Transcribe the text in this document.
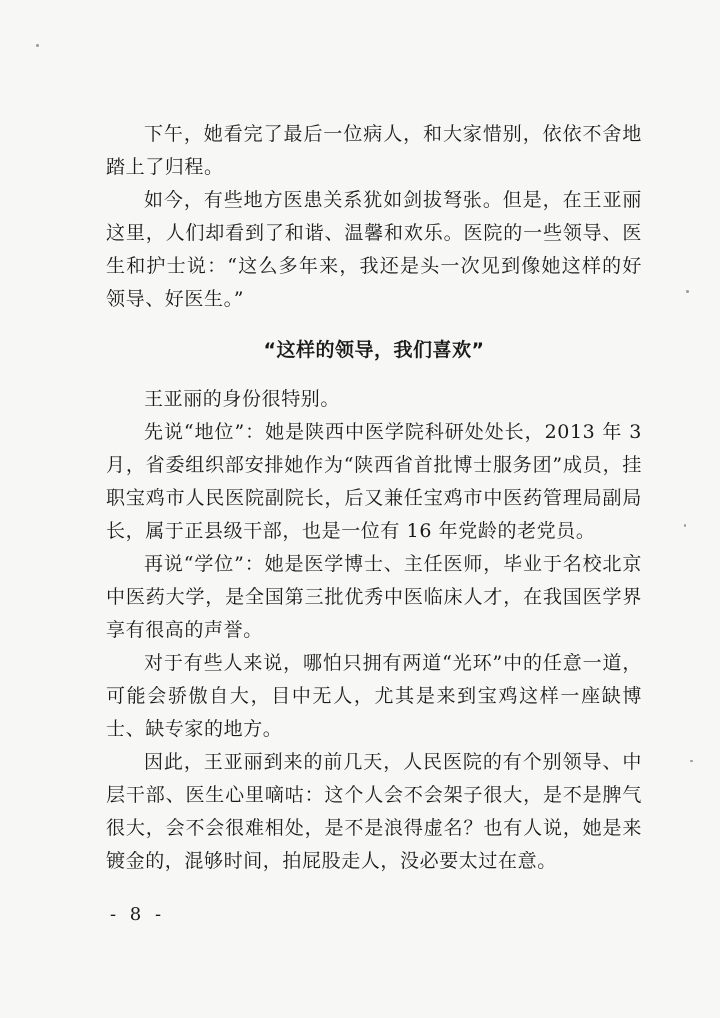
下午，她看完了最后一位病人，和大家惜别，依依不舍地踏上了归程。

如今，有些地方医患关系犹如剑拔弩张。但是，在王亚丽这里，人们却看到了和谐、温馨和欢乐。医院的一些领导、医生和护士说：“这么多年来，我还是头一次见到像她这样的好领导、好医生。”

“这样的领导，我们喜欢”

王亚丽的身份很特别。

先说“地位”：她是陕西中医学院科研处处长，2013 年 3 月，省委组织部安排她作为“陕西省首批博士服务团”成员，挂职宝鸡市人民医院副院长，后又兼任宝鸡市中医药管理局副局长，属于正县级干部，也是一位有 16 年党龄的老党员。

再说“学位”：她是医学博士、主任医师，毕业于名校北京中医药大学，是全国第三批优秀中医临床人才，在我国医学界享有很高的声誉。

对于有些人来说，哪怕只拥有两道“光环”中的任意一道，可能会骄傲自大，目中无人，尤其是来到宝鸡这样一座缺博士、缺专家的地方。

因此，王亚丽到来的前几天，人民医院的有个别领导、中层干部、医生心里嘀咕：这个人会不会架子很大，是不是脾气很大，会不会很难相处，是不是浪得虚名？也有人说，她是来镀金的，混够时间，拍屁股走人，没必要太过在意。

- 8 -
